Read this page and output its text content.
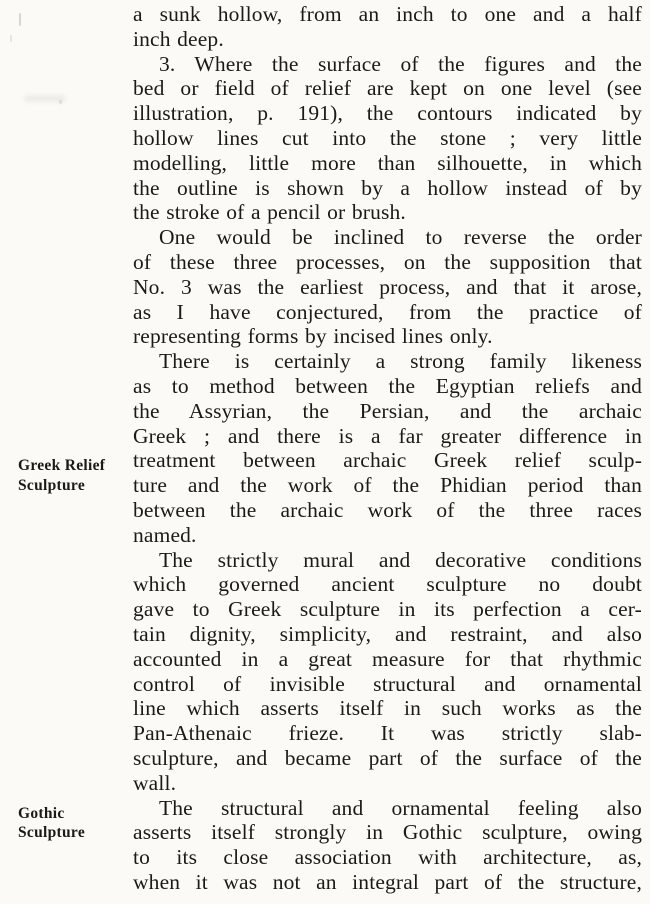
Greek Relief
Sculpture
Gothic
Sculpture
a sunk hollow, from an inch to one and a half
inch deep.
3. Where the surface of the figures and the
bed or field of relief are kept on one level (see
illustration, p. 191), the contours indicated by
hollow lines cut into the stone ; very little
modelling, little more than silhouette, in which
the outline is shown by a hollow instead of by
the stroke of a pencil or brush.
One would be inclined to reverse the order
of these three processes, on the supposition that
No. 3 was the earliest process, and that it arose,
as I have conjectured, from the practice of
representing forms by incised lines only.
There is certainly a strong family likeness
as to method between the Egyptian reliefs and
the Assyrian, the Persian, and the archaic
Greek ; and there is a far greater difference in
treatment between archaic Greek relief sculp-
ture and the work of the Phidian period than
between the archaic work of the three races
named.
The strictly mural and decorative conditions
which governed ancient sculpture no doubt
gave to Greek sculpture in its perfection a cer-
tain dignity, simplicity, and restraint, and also
accounted in a great measure for that rhythmic
control of invisible structural and ornamental
line which asserts itself in such works as the
Pan-Athenaic frieze. It was strictly slab-
sculpture, and became part of the surface of the
wall.
The structural and ornamental feeling also
asserts itself strongly in Gothic sculpture, owing
to its close association with architecture, as,
when it was not an integral part of the structure,
